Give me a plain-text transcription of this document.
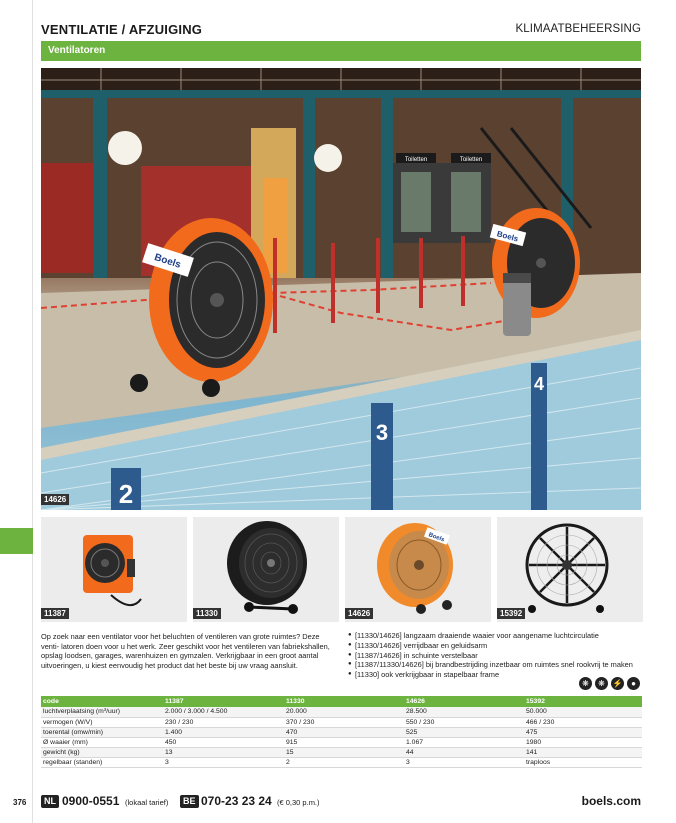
VENTILATIE / AFZUIGING	KLIMAATBEHEERSING
Ventilatoren
Toiletten	Toiletten
2
3
4
Boels
Boels
14626
11387	11330
Boels
14626	15392

Op zoek naar een ventilator voor het beluchten of ventileren van grote ruimtes? Deze venti- latoren doen voor u het werk. Zeer geschikt voor het ventileren van fabriekshallen, opslag loodsen, garages, warenhuizen en gymzalen. Verkrijgbaar in een groot aantal uitvoeringen, u kiest eenvoudig het product dat het beste bij uw vraag aansluit.

● [11330/14626] langzaam draaiende waaier voor aangename luchtcirculatie
● [11330/14626] verrijdbaar en geluidsarm
● [11387/14626] in schuinte verstelbaar
● [11387/11330/14626] bij brandbestrijding inzetbaar om ruimtes snel rookvrij te maken
● [11330] ook verkrijgbaar in stapelbaar frame
❋	❋ ⚡	●
code	11387	11330	14626	15392
luchtverplaatsing (m³/uur)	2.000 / 3.000 / 4.500	20.000	28.500	50.000
vermogen (W/V)	230 / 230	370 / 230	550 / 230	466 / 230
toerental (omw/min)	1.400	470	525	475
Ø waaier (mm)	450	915	1.067	1980
gewicht (kg)	13	15	44	141
regelbaar (standen)	3	2	3	traploos
376	NL 0900-0551 (lokaal tarief)	BE 070-23 23 24 (€ 0,30 p.m.)	boels.com
